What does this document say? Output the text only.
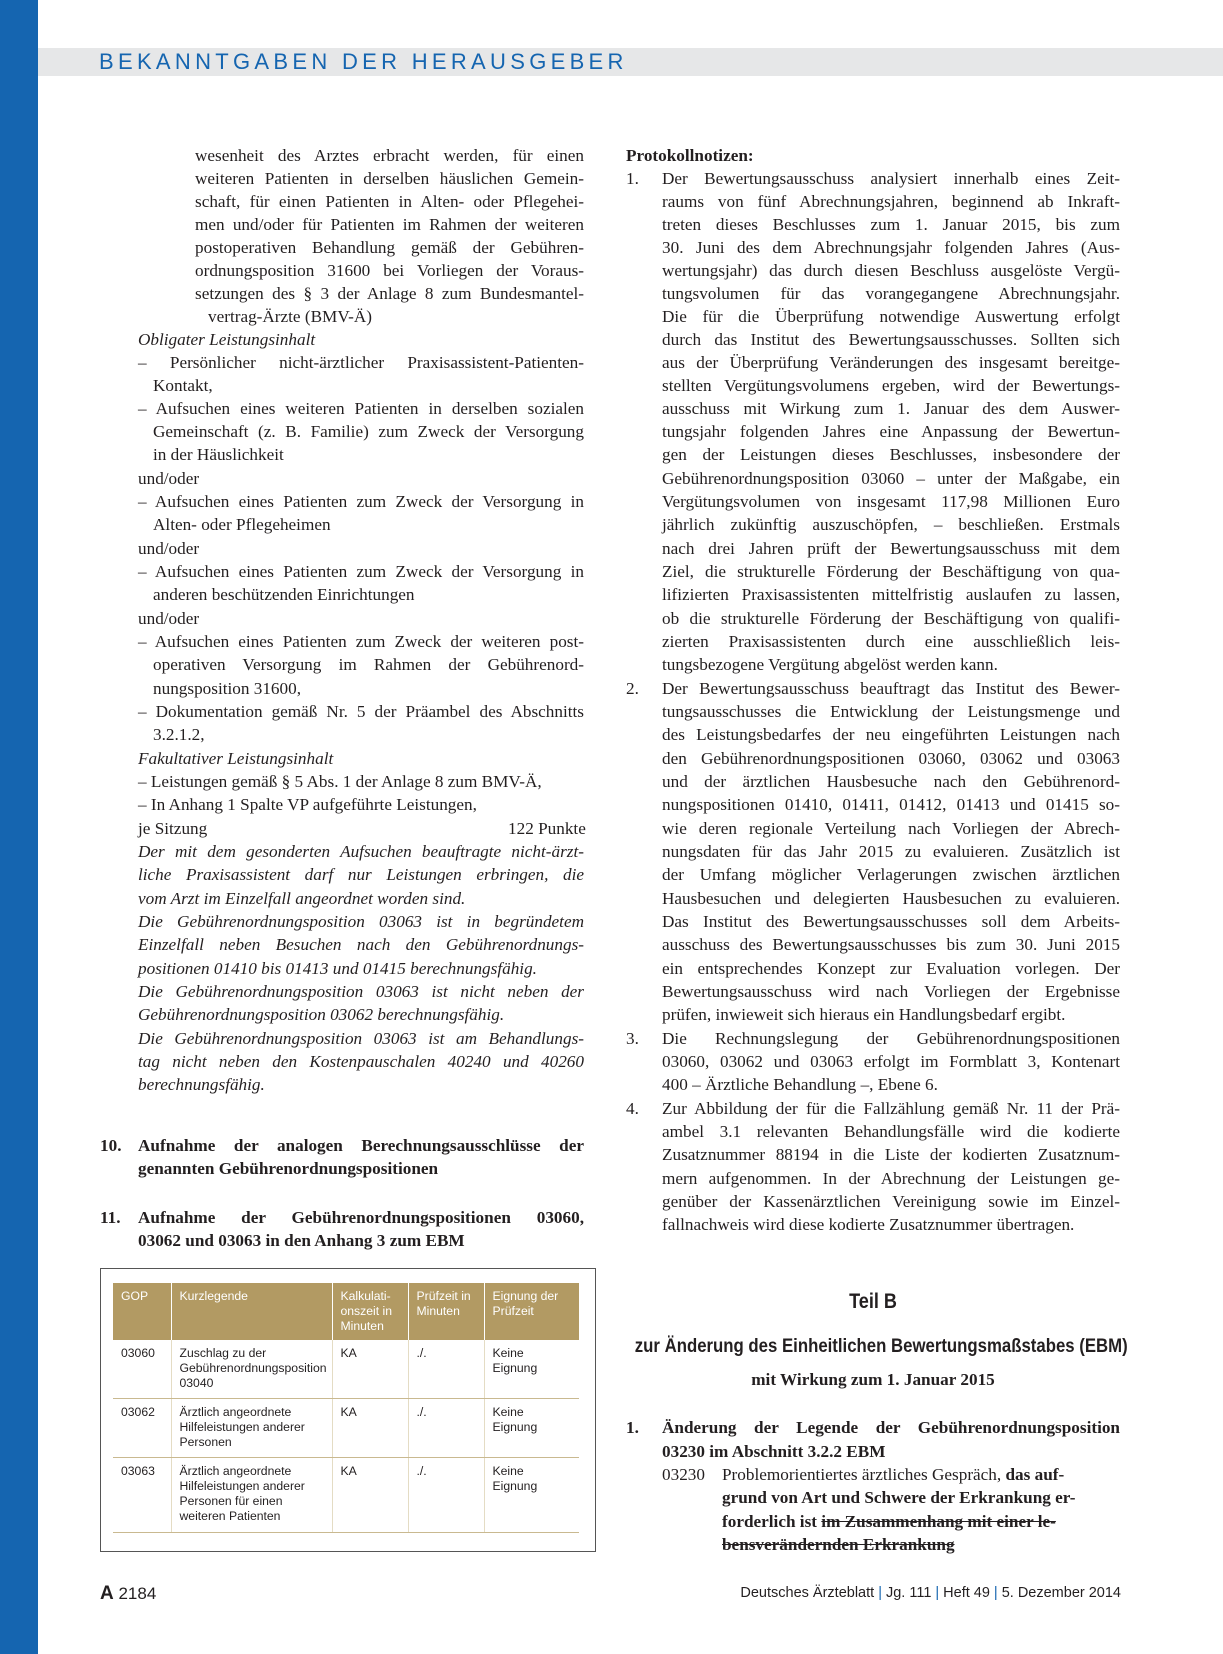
BEKANNTGABEN DER HERAUSGEBER
wesenheit des Arztes erbracht werden, für einen
weiteren Patienten in derselben häuslichen Gemein-
schaft, für einen Patienten in Alten- oder Pflegehei-
men und/oder für Patienten im Rahmen der weiteren
postoperativen Behandlung gemäß der Gebühren-
ordnungsposition 31600 bei Vorliegen der Voraus-
setzungen des § 3 der Anlage 8 zum Bundesmantel-
vertrag-Ärzte (BMV-Ä)
Obligater Leistungsinhalt
– Persönlicher nicht-ärztlicher Praxisassistent-Patienten-
Kontakt,
– Aufsuchen eines weiteren Patienten in derselben sozialen
Gemeinschaft (z. B. Familie) zum Zweck der Versorgung
in der Häuslichkeit
und/oder
– Aufsuchen eines Patienten zum Zweck der Versorgung in
Alten- oder Pflegeheimen
und/oder
– Aufsuchen eines Patienten zum Zweck der Versorgung in
anderen beschützenden Einrichtungen
und/oder
– Aufsuchen eines Patienten zum Zweck der weiteren post-
operativen Versorgung im Rahmen der Gebührenord-
nungsposition 31600,
– Dokumentation gemäß Nr. 5 der Präambel des Abschnitts
3.2.1.2,
Fakultativer Leistungsinhalt
– Leistungen gemäß § 5 Abs. 1 der Anlage 8 zum BMV-Ä,
– In Anhang 1 Spalte VP aufgeführte Leistungen,
je Sitzung	122 Punkte
Der mit dem gesonderten Aufsuchen beauftragte nicht-ärzt-
liche Praxisassistent darf nur Leistungen erbringen, die
vom Arzt im Einzelfall angeordnet worden sind.
Die Gebührenordnungsposition 03063 ist in begründetem
Einzelfall neben Besuchen nach den Gebührenordnungs-
positionen 01410 bis 01413 und 01415 berechnungsfähig.
Die Gebührenordnungsposition 03063 ist nicht neben der
Gebührenordnungsposition 03062 berechnungsfähig.
Die Gebührenordnungsposition 03063 ist am Behandlungs-
tag nicht neben den Kostenpauschalen 40240 und 40260
berechnungsfähig.
10. Aufnahme der analogen Berechnungsausschlüsse der
genannten Gebührenordnungspositionen
11. Aufnahme der Gebührenordnungspositionen 03060,
03062 und 03063 in den Anhang 3 zum EBM
GOP	Kurzlegende	Kalkulati-
onszeit in
Minuten	Prüfzeit in
Minuten	Eignung der
Prüfzeit
03060	Zuschlag zu der
Gebührenordnungsposition
03040	KA	./.	Keine
Eignung
03062	Ärztlich angeordnete
Hilfeleistungen anderer
Personen	KA	./.	Keine
Eignung
03063	Ärztlich angeordnete
Hilfeleistungen anderer
Personen für einen
weiteren Patienten	KA	./.	Keine
Eignung
Protokollnotizen:
1. Der Bewertungsausschuss analysiert innerhalb eines Zeit-
raums von fünf Abrechnungsjahren, beginnend ab Inkraft-
treten dieses Beschlusses zum 1. Januar 2015, bis zum
30. Juni des dem Abrechnungsjahr folgenden Jahres (Aus-
wertungsjahr) das durch diesen Beschluss ausgelöste Vergü-
tungsvolumen für das vorangegangene Abrechnungsjahr.
Die für die Überprüfung notwendige Auswertung erfolgt
durch das Institut des Bewertungsausschusses. Sollten sich
aus der Überprüfung Veränderungen des insgesamt bereitge-
stellten Vergütungsvolumens ergeben, wird der Bewertungs-
ausschuss mit Wirkung zum 1. Januar des dem Auswer-
tungsjahr folgenden Jahres eine Anpassung der Bewertun-
gen der Leistungen dieses Beschlusses, insbesondere der
Gebührenordnungsposition 03060 – unter der Maßgabe, ein
Vergütungsvolumen von insgesamt 117,98 Millionen Euro
jährlich zukünftig auszuschöpfen, – beschließen. Erstmals
nach drei Jahren prüft der Bewertungsausschuss mit dem
Ziel, die strukturelle Förderung der Beschäftigung von qua-
lifizierten Praxisassistenten mittelfristig auslaufen zu lassen,
ob die strukturelle Förderung der Beschäftigung von qualifi-
zierten Praxisassistenten durch eine ausschließlich leis-
tungsbezogene Vergütung abgelöst werden kann.
2. Der Bewertungsausschuss beauftragt das Institut des Bewer-
tungsausschusses die Entwicklung der Leistungsmenge und
des Leistungsbedarfes der neu eingeführten Leistungen nach
den Gebührenordnungspositionen 03060, 03062 und 03063
und der ärztlichen Hausbesuche nach den Gebührenord-
nungspositionen 01410, 01411, 01412, 01413 und 01415 so-
wie deren regionale Verteilung nach Vorliegen der Abrech-
nungsdaten für das Jahr 2015 zu evaluieren. Zusätzlich ist
der Umfang möglicher Verlagerungen zwischen ärztlichen
Hausbesuchen und delegierten Hausbesuchen zu evaluieren.
Das Institut des Bewertungsausschusses soll dem Arbeits-
ausschuss des Bewertungsausschusses bis zum 30. Juni 2015
ein entsprechendes Konzept zur Evaluation vorlegen. Der
Bewertungsausschuss wird nach Vorliegen der Ergebnisse
prüfen, inwieweit sich hieraus ein Handlungsbedarf ergibt.
3. Die Rechnungslegung der Gebührenordnungspositionen
03060, 03062 und 03063 erfolgt im Formblatt 3, Kontenart
400 – Ärztliche Behandlung –, Ebene 6.
4. Zur Abbildung der für die Fallzählung gemäß Nr. 11 der Prä-
ambel 3.1 relevanten Behandlungsfälle wird die kodierte
Zusatznummer 88194 in die Liste der kodierten Zusatznum-
mern aufgenommen. In der Abrechnung der Leistungen ge-
genüber der Kassenärztlichen Vereinigung sowie im Einzel-
fallnachweis wird diese kodierte Zusatznummer übertragen.
Teil B
zur Änderung des Einheitlichen Bewertungsmaßstabes (EBM)
mit Wirkung zum 1. Januar 2015
1. Änderung der Legende der Gebührenordnungsposition
03230 im Abschnitt 3.2.2 EBM
03230 Problemorientiertes ärztliches Gespräch, das auf-
grund von Art und Schwere der Erkrankung er-
forderlich ist im Zusammenhang mit einer le-
bensverändernden Erkrankung
A 2184	Deutsches Ärzteblatt | Jg. 111 | Heft 49 | 5. Dezember 2014
